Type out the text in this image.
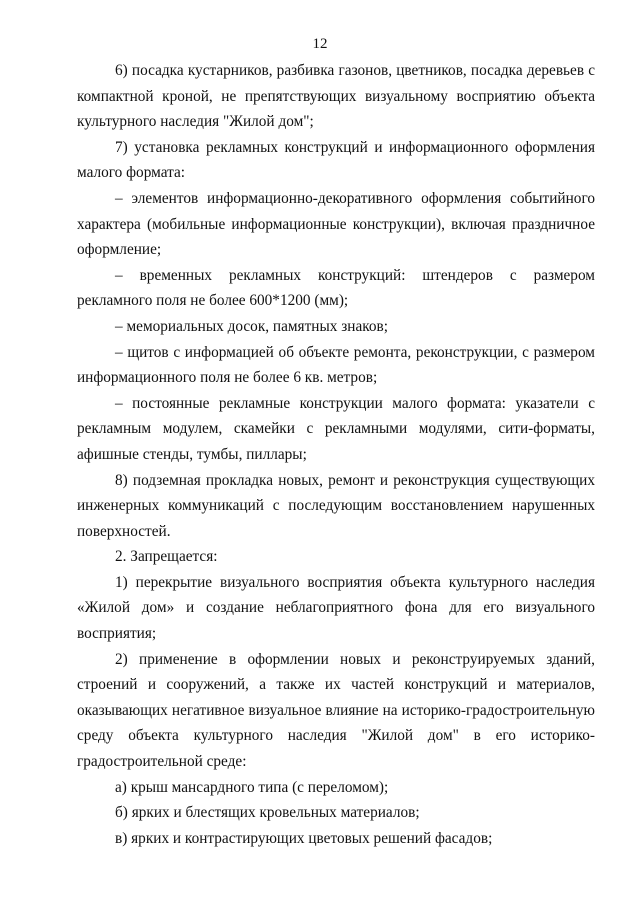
12

6) посадка кустарников, разбивка газонов, цветников, посадка деревьев с компактной кроной, не препятствующих визуальному восприятию объекта культурного наследия "Жилой дом";

7) установка рекламных конструкций и информационного оформления малого формата:

– элементов информационно-декоративного оформления событийного характера (мобильные информационные конструкции), включая праздничное оформление;

– временных рекламных конструкций: штендеров с размером рекламного поля не более 600*1200 (мм);

– мемориальных досок, памятных знаков;

– щитов с информацией об объекте ремонта, реконструкции, с размером информационного поля не более 6 кв. метров;

– постоянные рекламные конструкции малого формата: указатели с рекламным модулем, скамейки с рекламными модулями, сити-форматы, афишные стенды, тумбы, пиллары;

8) подземная прокладка новых, ремонт и реконструкция существующих инженерных коммуникаций с последующим восстановлением нарушенных поверхностей.

2. Запрещается:

1) перекрытие визуального восприятия объекта культурного наследия «Жилой дом» и создание неблагоприятного фона для его визуального восприятия;

2) применение в оформлении новых и реконструируемых зданий, строений и сооружений, а также их частей конструкций и материалов, оказывающих негативное визуальное влияние на историко-градостроительную среду объекта культурного наследия "Жилой дом" в его историко-градостроительной среде:

а) крыш мансардного типа (с переломом);

б) ярких и блестящих кровельных материалов;

в) ярких и контрастирующих цветовых решений фасадов;
